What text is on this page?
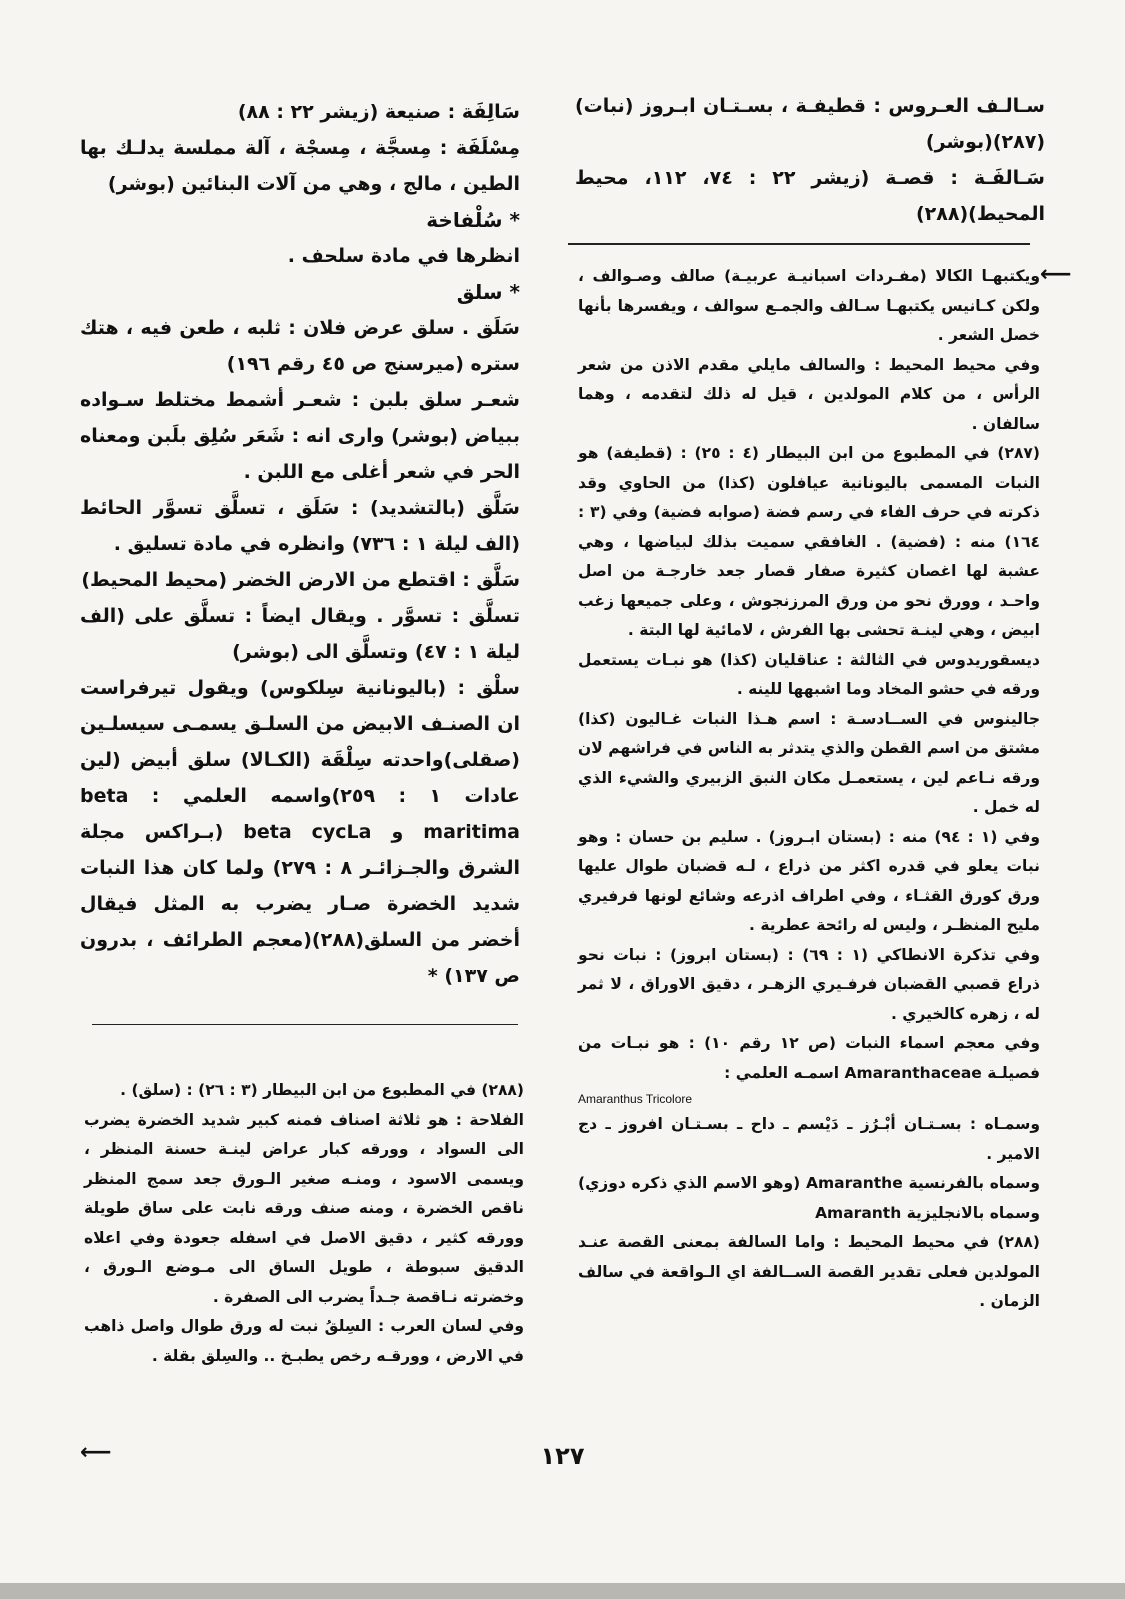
سـالـف العـروس : قطيفـة ، بسـتـان ابـروز (نبات)(٢٨٧)(بوشر)

سَـالفَـة : قصـة (زيشر ٢٢ : ٧٤، ١١٢، محيط المحيط)(٢٨٨)

⟵

ويكتبهـا الكالا (مفـردات اسبانيـة عربيـة) صالف وصـوالف ، ولكن كـانيس يكتبهـا سـالف والجمـع سوالف ، ويفسرها بأنها خصل الشعر .

وفي محيط المحيط : والسالف مايلي مقدم الاذن من شعر الرأس ، من كلام المولدين ، قيل له ذلك لتقدمه ، وهما سالفان .

(٢٨٧) في المطبوع من ابن البيطار (٤ : ٢٥) : (قطيفة) هو النبات المسمى باليونانية عيافلون (كذا) من الحاوي وقد ذكرته في حرف الفاء في رسم فضة (صوابه فضية) وفي (٣ : ١٦٤) منه : (فضية) . الغافقي سميت بذلك لبياضها ، وهي عشبة لها اغصان كثيرة صفار قصار جعد خارجـة من اصل واحـد ، وورق نحو من ورق المرزنجوش ، وعلى جميعها زغب ابيض ، وهي لينـة تحشى بها الفرش ، لامائية لها البتة .

ديسقوريدوس في الثالثة : عناقليان (كذا) هو نبـات يستعمل ورقه في حشو المخاد وما اشبهها للينه .

جالينوس في الســادسـة : اسم هـذا النبات غـاليون (كذا) مشتق من اسم القطن والذي يتدثر به الناس في فراشهم لان ورقه نـاعم لين ، يستعمـل مكان النبق الزبيري والشيء الذي له خمل .

وفي (١ : ٩٤) منه : (بستان ابـروز) . سليم بن حسان : وهو نبات يعلو في قدره اكثر من ذراع ، لـه قضبان طوال عليها ورق كورق القثـاء ، وفي اطراف اذرعه وشائع لونها فرفيري مليح المنظـر ، وليس له رائحة عطرية .

وفي تذكرة الانطاكي (١ : ٦٩) : (بستان ابروز) : نبات نحو ذراع قصبي القضبان فرفـيري الزهـر ، دقيق الاوراق ، لا ثمر له ، زهره كالخيري .

وفي معجم اسماء النبات (ص ١٢ رقم ١٠) : هو نبـات من فصيلـة Amaranthaceae اسمـه العلمي :

Amaranthus Tricolore

وسمـاه : بسـتـان أبْـرُز ـ دَيْسم ـ داح ـ بسـتـان افروز ـ دج الامير .

وسماه بالفرنسية Amaranthe (وهو الاسم الذي ذكره دوزي) وسماه بالانجليزية Amaranth

(٢٨٨) في محيط المحيط : واما السالفة بمعنى القصة عنـد المولدين فعلى تقدير القصة الســالفة اي الـواقعة في سالف الزمان .

سَالِفَة : صنيعة (زيشر ٢٢ : ٨٨)

مِسْلَفَة : مِسجَّة ، مِسجْة ، آلة مملسة يدلـك بها الطين ، مالج ، وهي من آلات البنائين (بوشر)

* سُلْفاخة

انظرها في مادة سلحف .

* سلق

سَلَق . سلق عرض فلان : ثلبه ، طعن فيه ، هتك ستره (ميرسنج ص ٤٥ رقم ١٩٦)

شعـر سلق بلبن : شعـر أشمط مختلط سـواده ببياض (بوشر) وارى انه : شَعَر سُلِق بلَبن ومعناه الحر في شعر أغلى مع اللبن .

سَلَّق (بالتشديد) : سَلَق ، تسلَّق تسوَّر الحائط (الف ليلة ١ : ٧٣٦) وانظره في مادة تسليق .

سَلَّق : اقتطع من الارض الخضر (محيط المحيط)

تسلَّق : تسوَّر . ويقال ايضاً : تسلَّق على (الف ليلة ١ : ٤٧) وتسلَّق الى (بوشر)

سلْق : (باليونانية سِلكوس) ويقول تيرفراست ان الصنـف الابيض من السلـق يسمـى سيسلـين (صقلى)واحدته سِلْقَة (الكـالا) سلق أبيض (لين عادات ١ : ٢٥٩)واسمه العلمي : beta maritima و beta cycLa (بـراكس مجلة الشرق والجـزائـر ٨ : ٢٧٩) ولما كان هذا النبات شديد الخضرة صـار يضرب به المثل فيقال أخضر من السلق(٢٨٨)(معجم الطرائف ، بدرون ص ١٣٧) *

(٢٨٨) في المطبوع من ابن البيطار (٣ : ٢٦) : (سلق) .

الفلاحة : هو ثلاثة اصناف فمنه كبير شديد الخضرة يضرب الى السواد ، وورقه كبار عراض لينـة حسنة المنظر ، ويسمى الاسود ، ومنـه صغير الـورق جعد سمج المنظر ناقص الخضرة ، ومنه صنف ورقه نابت على ساق طويلة وورقه كثير ، دقيق الاصل في اسفله جعودة وفي اعلاه الدقيق سبوطة ، طويل الساق الى مـوضع الـورق ، وخضرته نـاقصة جـداً يضرب الى الصفرة .

وفي لسان العرب : السِلقُ نبت له ورق طوال واصل ذاهب في الارض ، وورقـه رخص يطبـخ .. والسِلق بقلة .

⟵	١٢٧
